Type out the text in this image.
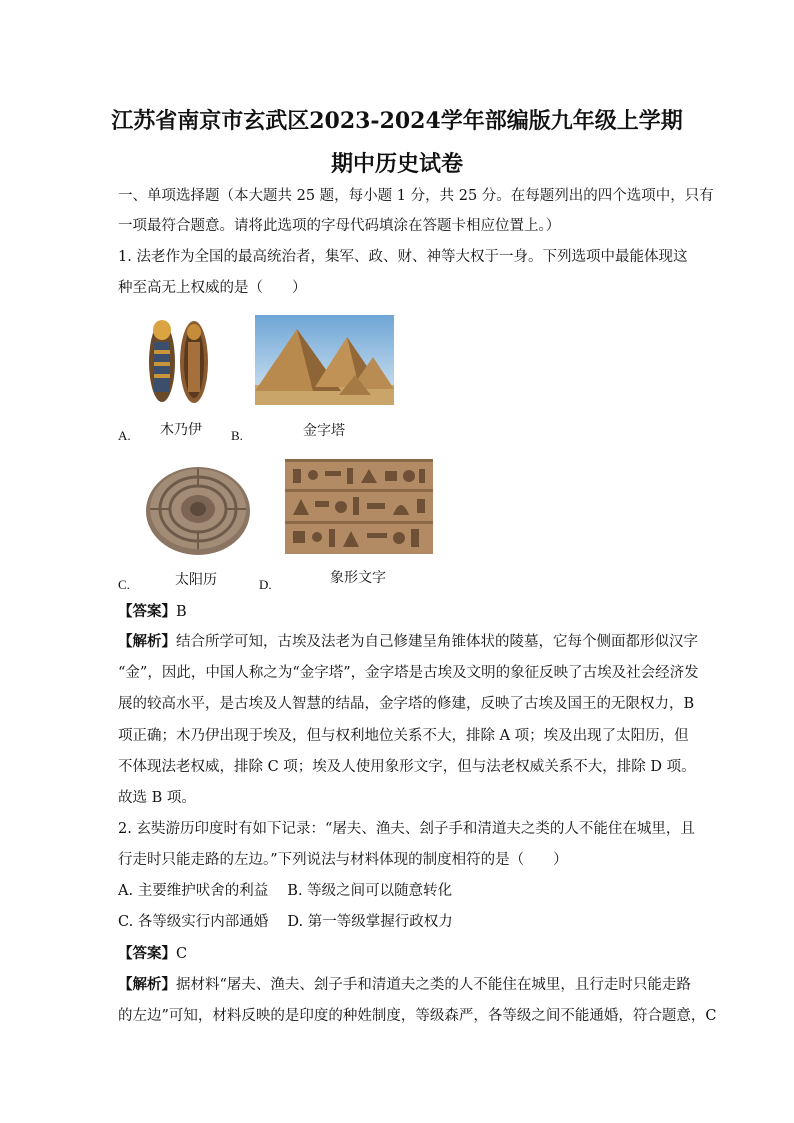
江苏省南京市玄武区2023-2024学年部编版九年级上学期
期中历史试卷
一、单项选择题（本大题共 25 题，每小题 1 分，共 25 分。在每题列出的四个选项中，只有
一项最符合题意。请将此选项的字母代码填涂在答题卡相应位置上。）
1. 法老作为全国的最高统治者，集军、政、财、神等大权于一身。下列选项中最能体现这
种至高无上权威的是（　　）
A. 木乃伊 B.	金字塔
C.	太阳历	D.	象形文字
【答案】B
【解析】结合所学可知，古埃及法老为自己修建呈角锥体状的陵墓，它每个侧面都形似汉字
“金”，因此，中国人称之为“金字塔”，金字塔是古埃及文明的象征反映了古埃及社会经济发
展的较高水平，是古埃及人智慧的结晶，金字塔的修建，反映了古埃及国王的无限权力，B
项正确；木乃伊出现于埃及，但与权利地位关系不大，排除 A 项；埃及出现了太阳历，但
不体现法老权威，排除 C 项；埃及人使用象形文字，但与法老权威关系不大，排除 D 项。
故选 B 项。
2. 玄奘游历印度时有如下记录：“屠夫、渔夫、刽子手和清道夫之类的人不能住在城里，且
行走时只能走路的左边。”下列说法与材料体现的制度相符的是（　　）
A. 主要维护吠舍的利益　 B. 等级之间可以随意转化
C. 各等级实行内部通婚　 D. 第一等级掌握行政权力
【答案】C
【解析】据材料“屠夫、渔夫、刽子手和清道夫之类的人不能住在城里，且行走时只能走路
的左边”可知，材料反映的是印度的种姓制度，等级森严，各等级之间不能通婚，符合题意，C
